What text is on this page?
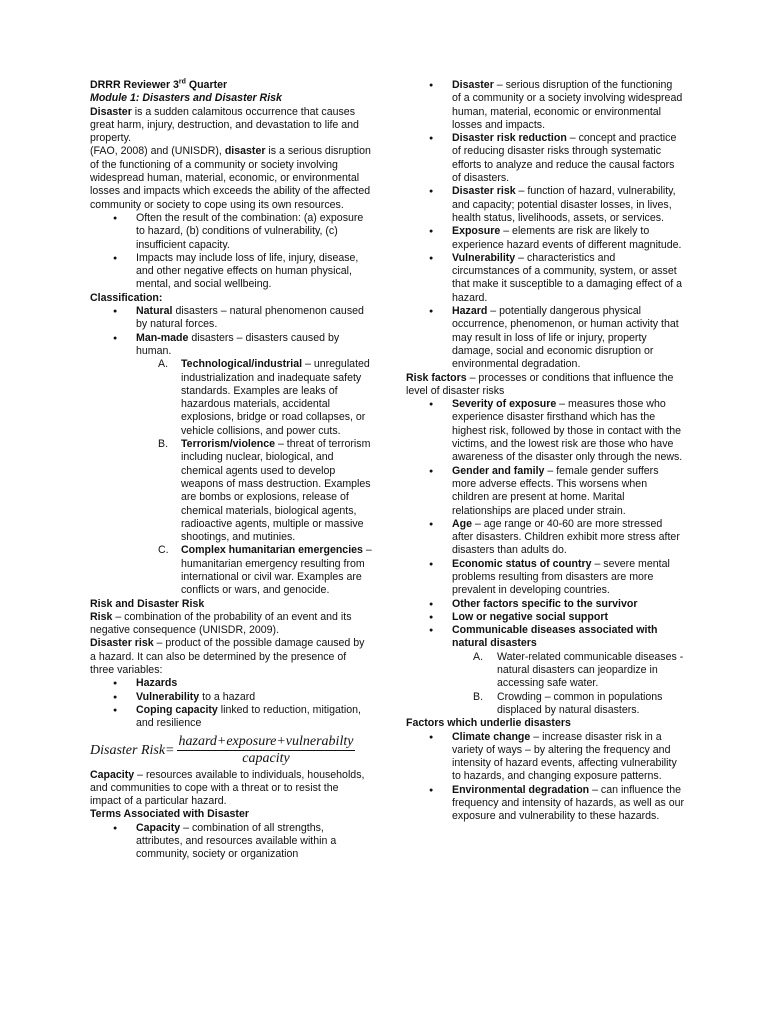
DRRR Reviewer 3rd Quarter

Module 1: Disasters and Disaster Risk

Disaster is a sudden calamitous occurrence that causes great harm, injury, destruction, and devastation to life and property.

(FAO, 2008) and (UNISDR), disaster is a serious disruption of the functioning of a community or society involving widespread human, material, economic, or environmental losses and impacts which exceeds the ability of the affected community or society to cope using its own resources.

● Often the result of the combination: (a) exposure to hazard, (b) conditions of vulnerability, (c) insufficient capacity.

● Impacts may include loss of life, injury, disease, and other negative effects on human physical, mental, and social wellbeing.

Classification:

● Natural disasters – natural phenomenon caused by natural forces.

● Man-made disasters – disasters caused by human.

A. Technological/industrial – unregulated industrialization and inadequate safety standards. Examples are leaks of hazardous materials, accidental explosions, bridge or road collapses, or vehicle collisions, and power cuts.

B. Terrorism/violence – threat of terrorism including nuclear, biological, and chemical agents used to develop weapons of mass destruction. Examples are bombs or explosions, release of chemical materials, biological agents, radioactive agents, multiple or massive shootings, and mutinies.

C. Complex humanitarian emergencies – humanitarian emergency resulting from international or civil war. Examples are conflicts or wars, and genocide.

Risk and Disaster Risk

Risk – combination of the probability of an event and its negative consequence (UNISDR, 2009).

Disaster risk – product of the possible damage caused by a hazard. It can also be determined by the presence of three variables:

● Hazards

● Vulnerability to a hazard

● Coping capacity linked to reduction, mitigation, and resilience

Disaster Risk= $\frac{\text{hazard+exposure+vulnerabilty}}{\text{capacity}}$

Capacity – resources available to individuals, households, and communities to cope with a threat or to resist the impact of a particular hazard.

Terms Associated with Disaster

● Capacity – combination of all strengths, attributes, and resources available within a community, society or organization

● Disaster – serious disruption of the functioning of a community or a society involving widespread human, material, economic or environmental losses and impacts.

● Disaster risk reduction – concept and practice of reducing disaster risks through systematic efforts to analyze and reduce the causal factors of disasters.

● Disaster risk – function of hazard, vulnerability, and capacity; potential disaster losses, in lives, health status, livelihoods, assets, or services.

● Exposure – elements are risk are likely to experience hazard events of different magnitude.

● Vulnerability – characteristics and circumstances of a community, system, or asset that make it susceptible to a damaging effect of a hazard.

● Hazard – potentially dangerous physical occurrence, phenomenon, or human activity that may result in loss of life or injury, property damage, social and economic disruption or environmental degradation.

Risk factors – processes or conditions that influence the level of disaster risks

● Severity of exposure – measures those who experience disaster firsthand which has the highest risk, followed by those in contact with the victims, and the lowest risk are those who have awareness of the disaster only through the news.

● Gender and family – female gender suffers more adverse effects. This worsens when children are present at home. Marital relationships are placed under strain.

● Age – age range or 40-60 are more stressed after disasters. Children exhibit more stress after disasters than adults do.

● Economic status of country – severe mental problems resulting from disasters are more prevalent in developing countries.

● Other factors specific to the survivor

● Low or negative social support

● Communicable diseases associated with natural disasters

A. Water-related communicable diseases - natural disasters can jeopardize in accessing safe water.

B. Crowding – common in populations displaced by natural disasters.

Factors which underlie disasters

● Climate change – increase disaster risk in a variety of ways – by altering the frequency and intensity of hazard events, affecting vulnerability to hazards, and changing exposure patterns.

● Environmental degradation – can influence the frequency and intensity of hazards, as well as our exposure and vulnerability to these hazards.
